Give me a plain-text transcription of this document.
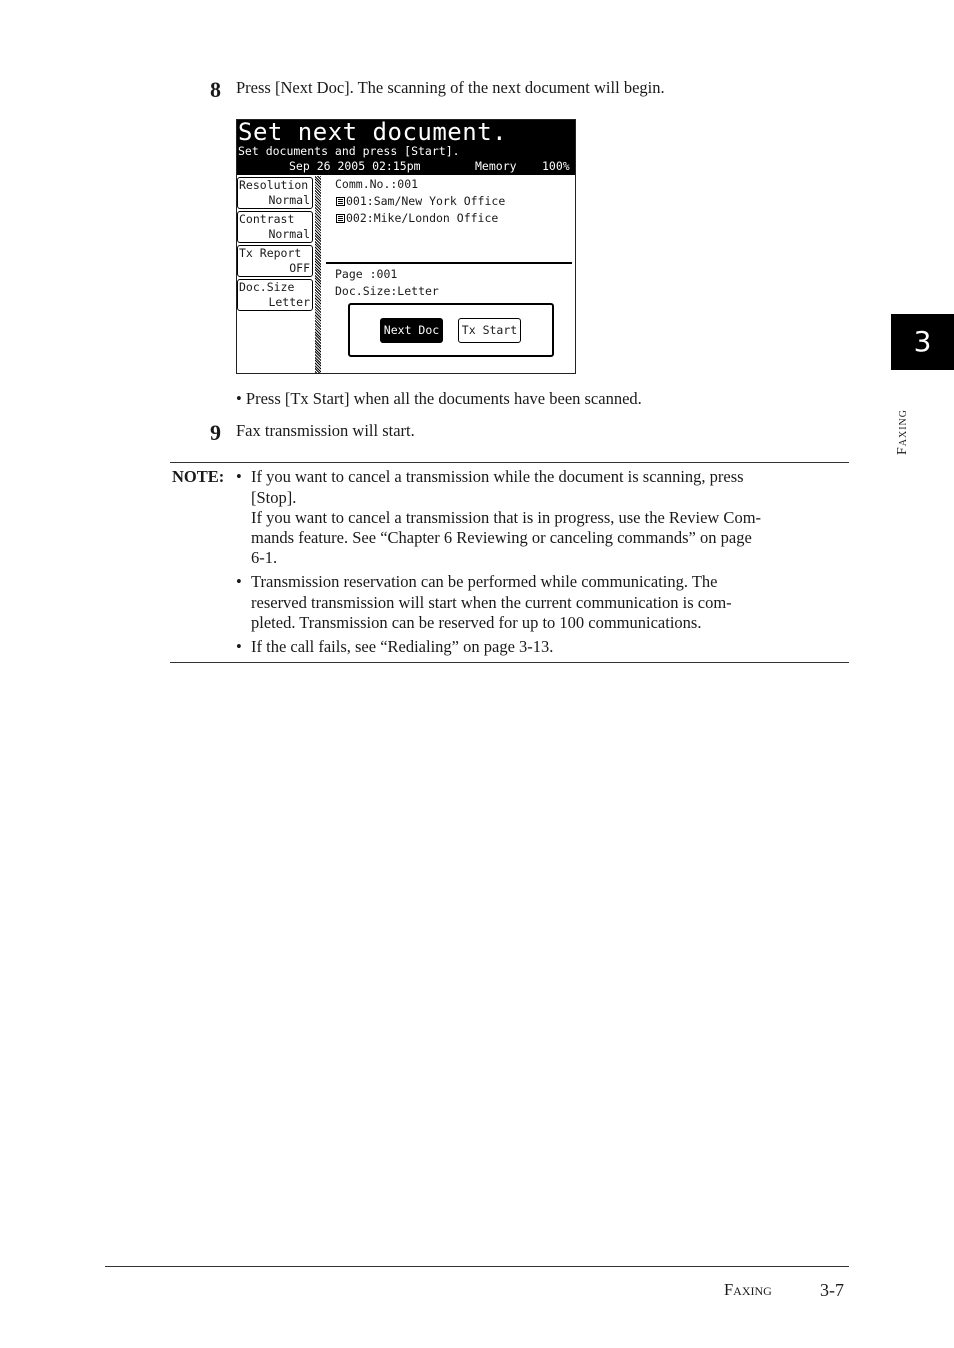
8 Press [Next Doc]. The scanning of the next document will begin.
Set next document.
Set documents and press [Start].
Sep 26 2005 02:15pm	Memory 100%
Resolution
Normal
Contrast
Normal
Tx Report
OFF
Doc.Size
Letter
Comm.No.:001
001:Sam/New York Office
002:Mike/London Office
Page :001
Doc.Size:Letter
Next Doc	Tx Start
• Press [Tx Start] when all the documents have been scanned.
9 Fax transmission will start.
NOTE: • If you want to cancel a transmission while the document is scanning, press
[Stop].
If you want to cancel a transmission that is in progress, use the Review Com-
mands feature. See “Chapter 6 Reviewing or canceling commands” on page
6-1.
• Transmission reservation can be performed while communicating. The
reserved transmission will start when the current communication is com-
pleted. Transmission can be reserved for up to 100 communications.
• If the call fails, see “Redialing” on page 3-13.
3
Faxing
Faxing	3-7
